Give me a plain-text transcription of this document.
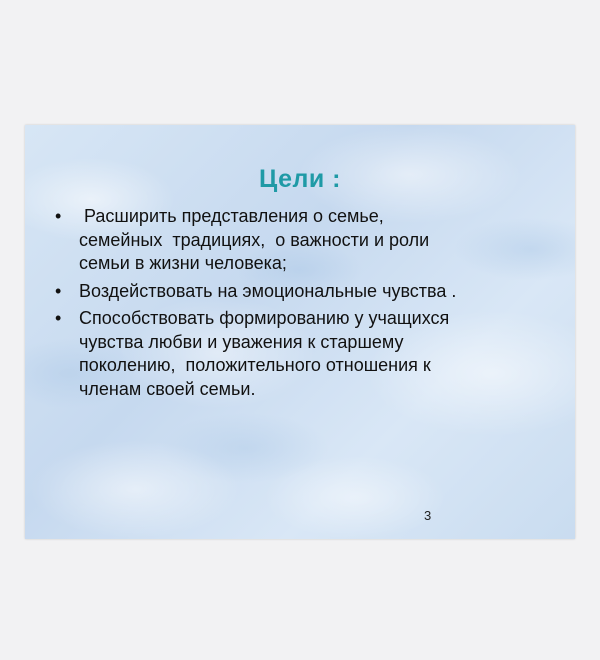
Цели :
•	Расширить представления о семье,
семейных  традициях,  о важности и роли
семьи в жизни человека;
• Воздействовать на эмоциональные чувства .
• Способствовать формированию у учащихся
чувства любви и уважения к старшему
поколению,  положительного отношения к
членам своей семьи.
3
